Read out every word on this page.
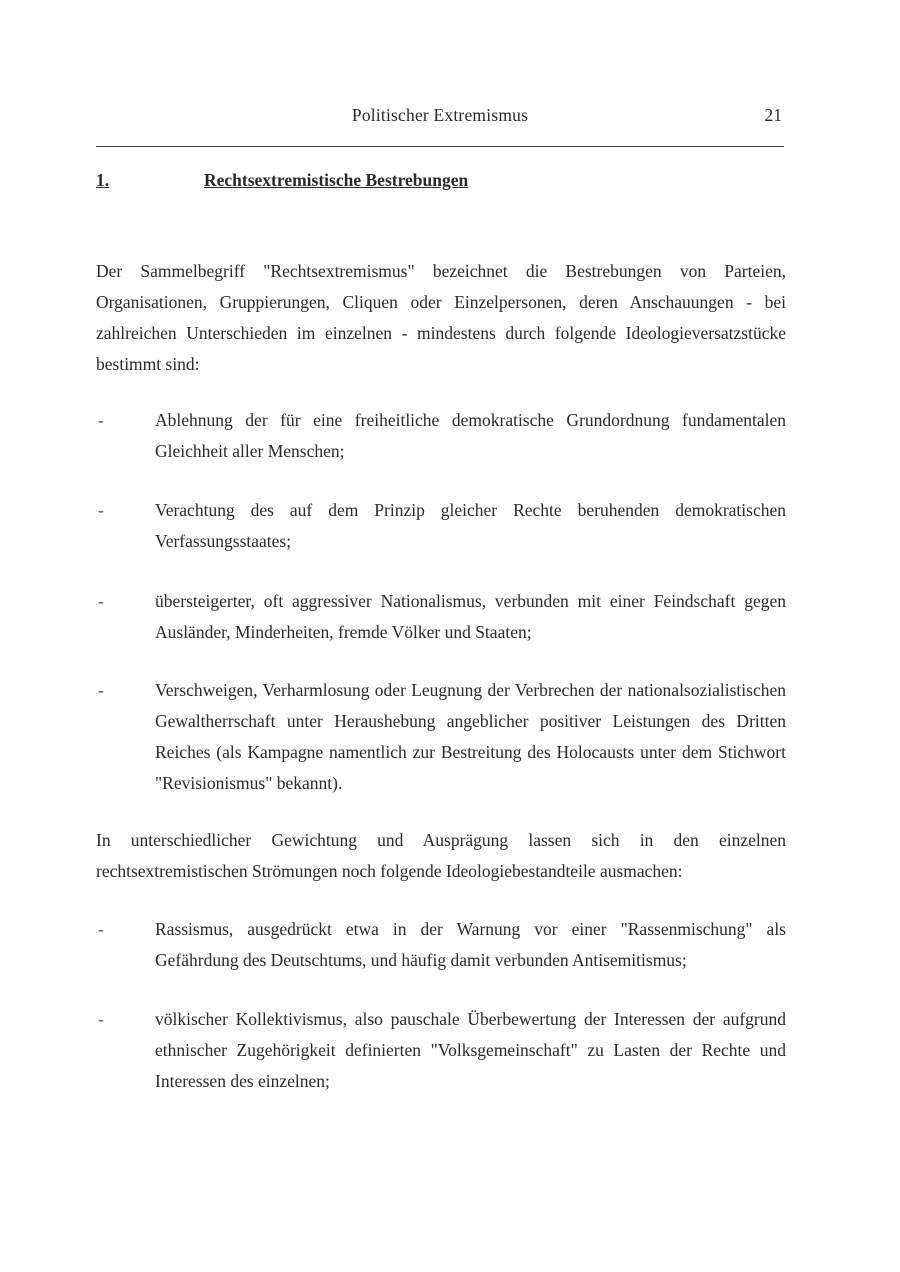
Politischer Extremismus	21
1.	Rechtsextremistische Bestrebungen

Der Sammelbegriff "Rechtsextremismus" bezeichnet die Bestrebungen von Parteien, Organisationen, Gruppierungen, Cliquen oder Einzelpersonen, deren Anschauungen - bei zahlreichen Unterschieden im einzelnen - mindestens durch folgende Ideologieversatzstücke bestimmt sind:

-	Ablehnung der für eine freiheitliche demokratische Grundordnung fundamentalen Gleichheit aller Menschen;
-	Verachtung des auf dem Prinzip gleicher Rechte beruhenden demokratischen Verfassungsstaates;
-	übersteigerter, oft aggressiver Nationalismus, verbunden mit einer Feindschaft gegen Ausländer, Minderheiten, fremde Völker und Staaten;
-	Verschweigen, Verharmlosung oder Leugnung der Verbrechen der nationalsozialistischen Gewaltherrschaft unter Heraushebung angeblicher positiver Leistungen des Dritten Reiches (als Kampagne namentlich zur Bestreitung des Holocausts unter dem Stichwort "Revisionismus" bekannt).

In unterschiedlicher Gewichtung und Ausprägung lassen sich in den einzelnen rechtsextremistischen Strömungen noch folgende Ideologiebestandteile ausmachen:

-	Rassismus, ausgedrückt etwa in der Warnung vor einer "Rassenmischung" als Gefährdung des Deutschtums, und häufig damit verbunden Antisemitismus;
-	völkischer Kollektivismus, also pauschale Überbewertung der Interessen der aufgrund ethnischer Zugehörigkeit definierten "Volksgemeinschaft" zu Lasten der Rechte und Interessen des einzelnen;
